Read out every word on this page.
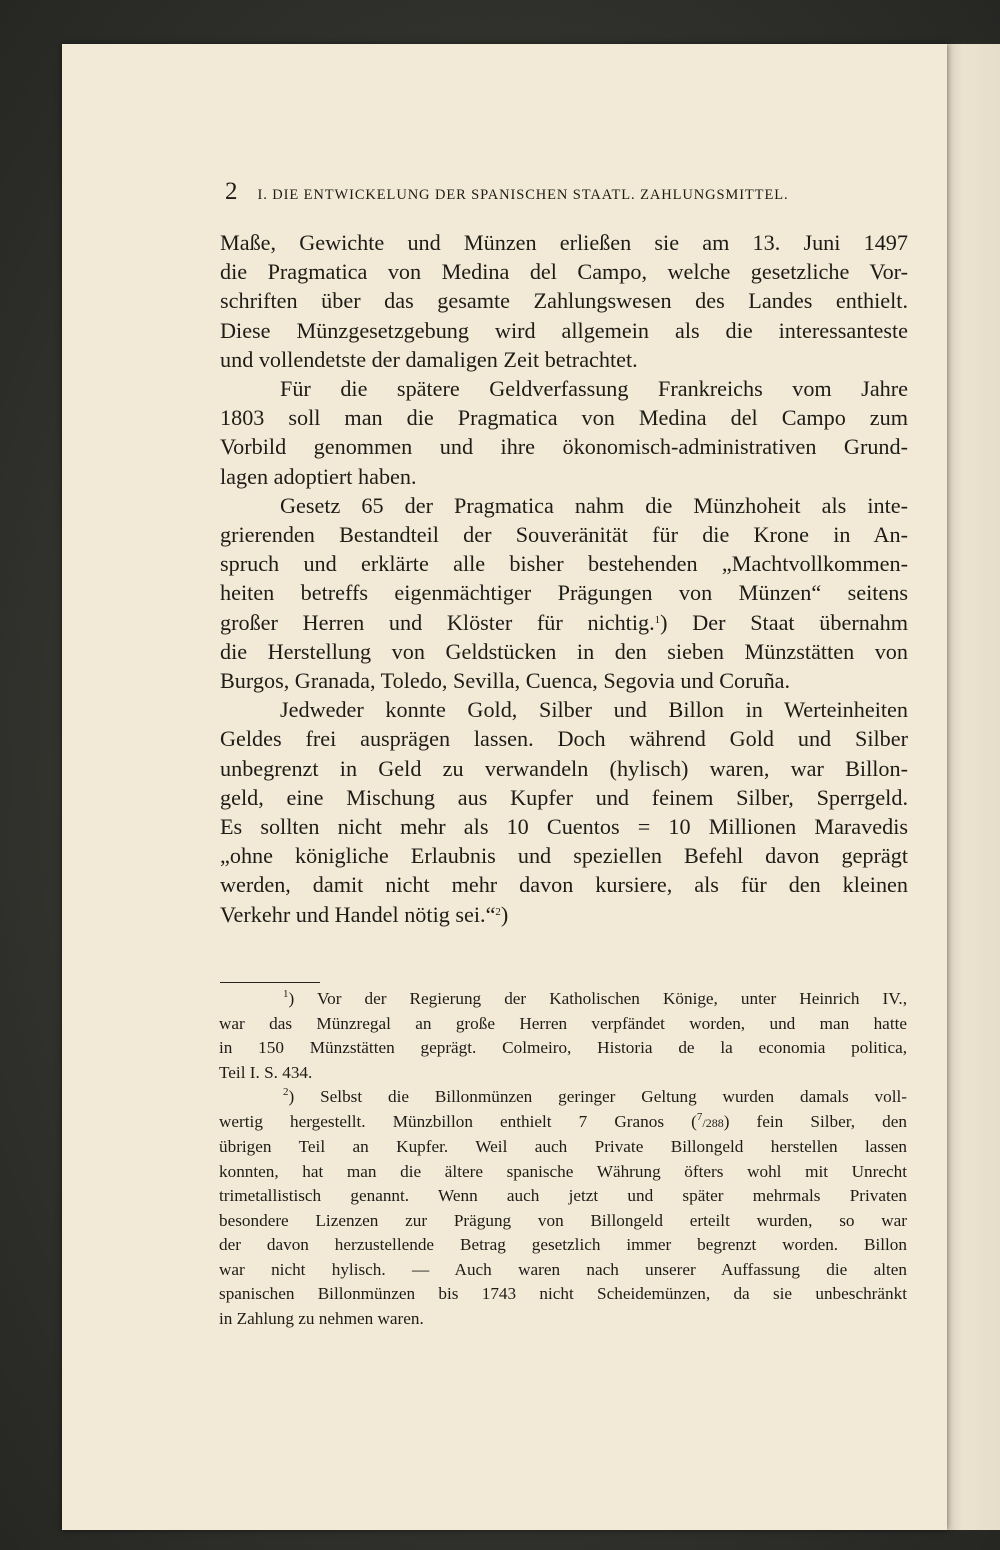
2 I. DIE ENTWICKELUNG DER SPANISCHEN STAATL. ZAHLUNGSMITTEL.
Maße, Gewichte und Münzen erließen sie am 13. Juni 1497
die Pragmatica von Medina del Campo, welche gesetzliche Vor-
schriften über das gesamte Zahlungswesen des Landes enthielt.
Diese Münzgesetzgebung wird allgemein als die interessanteste
und vollendetste der damaligen Zeit betrachtet.
Für die spätere Geldverfassung Frankreichs vom Jahre
1803 soll man die Pragmatica von Medina del Campo zum
Vorbild genommen und ihre ökonomisch-administrativen Grund-
lagen adoptiert haben.
Gesetz 65 der Pragmatica nahm die Münzhoheit als inte-
grierenden Bestandteil der Souveränität für die Krone in An-
spruch und erklärte alle bisher bestehenden „Machtvollkommen-
heiten betreffs eigenmächtiger Prägungen von Münzen“ seitens
großer Herren und Klöster für nichtig.$^1$) Der Staat übernahm
die Herstellung von Geldstücken in den sieben Münzstätten von
Burgos, Granada, Toledo, Sevilla, Cuenca, Segovia und Coruña.
Jedweder konnte Gold, Silber und Billon in Werteinheiten
Geldes frei ausprägen lassen. Doch während Gold und Silber
unbegrenzt in Geld zu verwandeln (hylisch) waren, war Billon-
geld, eine Mischung aus Kupfer und feinem Silber, Sperrgeld.
Es sollten nicht mehr als 10 Cuentos = 10 Millionen Maravedis
„ohne königliche Erlaubnis und speziellen Befehl davon geprägt
werden, damit nicht mehr davon kursiere, als für den kleinen
Verkehr und Handel nötig sei.“$^2$)
$^1$) Vor der Regierung der Katholischen Könige, unter Heinrich IV.,
war das Münzregal an große Herren verpfändet worden, und man hatte
in 150 Münzstätten geprägt. Colmeiro, Historia de la economia politica,
Teil I. S. 434.
$^2$) Selbst die Billonmünzen geringer Geltung wurden damals voll-
wertig hergestellt. Münzbillon enthielt 7 Granos ($^7$/288) fein Silber, den
übrigen Teil an Kupfer. Weil auch Private Billongeld herstellen lassen
konnten, hat man die ältere spanische Währung öfters wohl mit Unrecht
trimetallistisch genannt. Wenn auch jetzt und später mehrmals Privaten
besondere Lizenzen zur Prägung von Billongeld erteilt wurden, so war
der davon herzustellende Betrag gesetzlich immer begrenzt worden. Billon
war nicht hylisch. — Auch waren nach unserer Auffassung die alten
spanischen Billonmünzen bis 1743 nicht Scheidemünzen, da sie unbeschränkt
in Zahlung zu nehmen waren.
